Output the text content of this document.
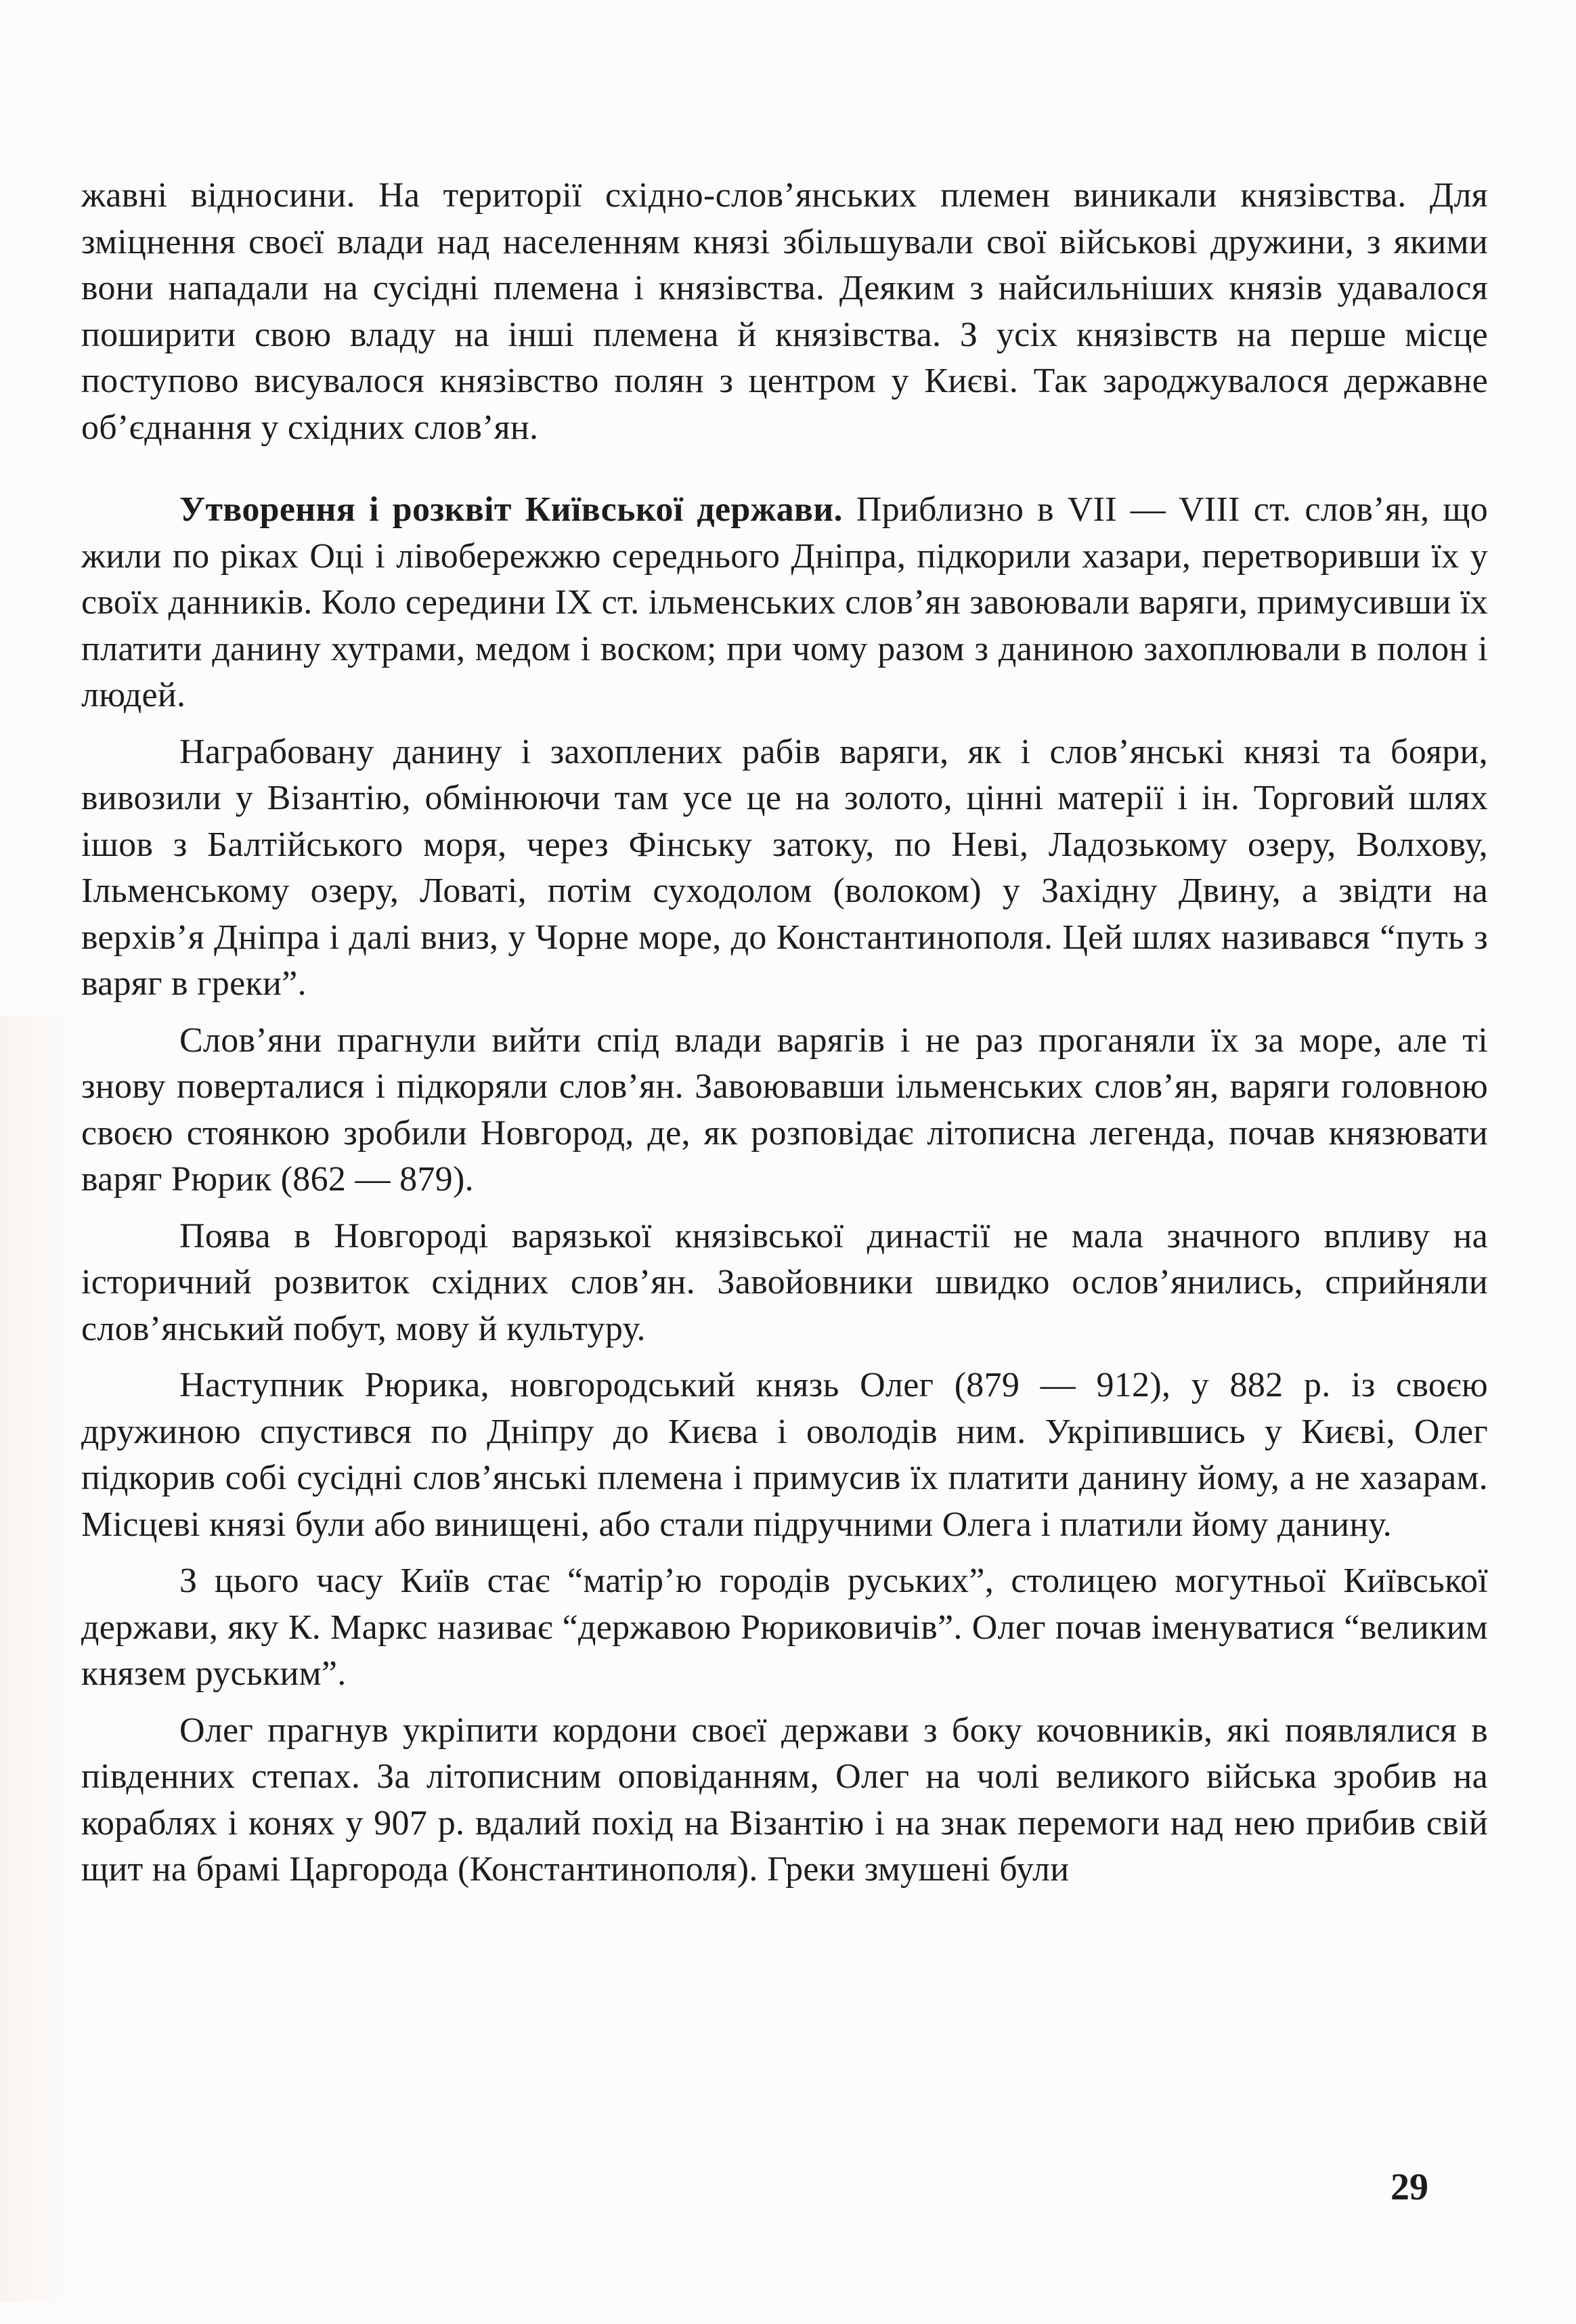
жавні відносини. На території східно-слов’янських племен виникали князівства. Для зміцнення своєї влади над населенням князі збільшували свої військові дружини, з якими вони нападали на сусідні племена і князівства. Деяким з найсильніших князів удавалося поширити свою владу на інші племена й князівства. З усіх князівств на перше місце поступово висувалося князівство полян з центром у Києві. Так зароджувалося державне об’єднання у східних слов’ян.

Утворення і розквіт Київської держави. Приблизно в VII — VIII ст. слов’ян, що жили по ріках Оці і лівобережжю середнього Дніпра, підкорили хазари, перетворивши їх у своїх данників. Коло середини IX ст. ільменських слов’ян завоювали варяги, примусивши їх платити данину хутрами, медом і воском; при чому разом з даниною захоплювали в полон і людей.

Награбовану данину і захоплених рабів варяги, як і слов’янські князі та бояри, вивозили у Візантію, обмінюючи там усе це на золото, цінні матерії і ін. Торговий шлях ішов з Балтійського моря, через Фінську затоку, по Неві, Ладозькому озеру, Волхову, Ільменському озеру, Ловаті, потім суходолом (волоком) у Західну Двину, а звідти на верхів’я Дніпра і далі вниз, у Чорне море, до Константинополя. Цей шлях називався “путь з варяг в греки”.

Слов’яни прагнули вийти спід влади варягів і не раз проганяли їх за море, але ті знову поверталися і підкоряли слов’ян. Завоювавши ільменських слов’ян, варяги головною своєю стоянкою зробили Новгород, де, як розповідає літописна легенда, почав князювати варяг Рюрик (862 — 879).

Поява в Новгороді варязької князівської династії не мала значного впливу на історичний розвиток східних слов’ян. Завойовники швидко ослов’янились, сприйняли слов’янський побут, мову й культуру.

Наступник Рюрика, новгородський князь Олег (879 — 912), у 882 р. із своєю дружиною спустився по Дніпру до Києва і оволодів ним. Укріпившись у Києві, Олег підкорив собі сусідні слов’янські племена і примусив їх платити данину йому, а не хазарам. Місцеві князі були або винищені, або стали підручними Олега і платили йому данину.

З цього часу Київ стає “матір’ю городів руських”, столицею могутньої Київської держави, яку К. Маркс називає “державою Рюриковичів”. Олег почав іменуватися “великим князем руським”.

Олег прагнув укріпити кордони своєї держави з боку кочовників, які появлялися в південних степах. За літописним оповіданням, Олег на чолі великого війська зробив на кораблях і конях у 907 р. вдалий похід на Візантію і на знак перемоги над нею прибив свій щит на брамі Царгорода (Константинополя). Греки змушені були

29
